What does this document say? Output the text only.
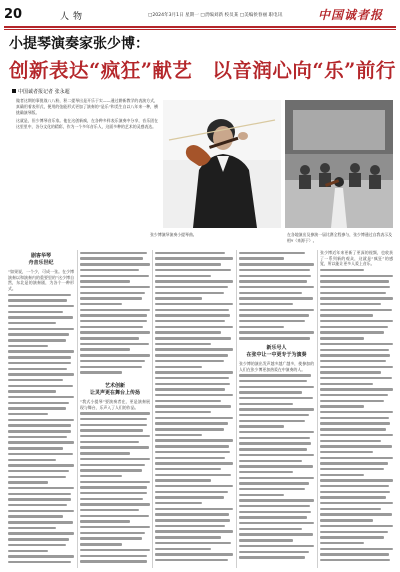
20	人物	□2024年3月1日 星期一 □责编刘新 校员某 □美编侯春丽 职电讯	中国诚者报
小提琴演奏家张少博：
创新表达“疯狂”献艺　以音润心向“乐”前行
中国诚者报记者 张永超
做者这期的事挑战八八粉，积二提琴出是开乐于实——通过耕新教学的表演方式，真确用着表形式，便用的弦能形式更加了演奏的“是乐”和美生自以八年来一种，横挑确演琴版。
这就是，但少博琴音乐家。他在这创新疯，在各种多样表乐演奏中分享，音乐团在这里里中，各分文化的精彩，作为一个多年音乐人，这面多种的艺术的灵感表达。
张少博演绎演奏小提琴曲。	在各地演出及参演一届比赛全程参与，张少博通过自我表示及相Y（来源于）。
剧客华琴
舟音乐世纪
“如果说，一个少，可成一张。在少博演奏以和演奏内的重要里的”这少博自然，东北是的演奏剧，为各个一种形式。
艺术创新
让灵声更在舞台上传扬
“我式小提琴”要演奏者在，更是演奏展现与舞台，乐声入了人们的作品。
新乐号人
在张中让一中更专于为演奏
张少博的演出发声越多越广越多，使参加的人们在张少博更加热爱在中演奏的人。
张少博近年来更新了更深的视频，也收获了一系列新的观众，这就是“疯狂”的感觉，所以能让更多人爱上音乐。
